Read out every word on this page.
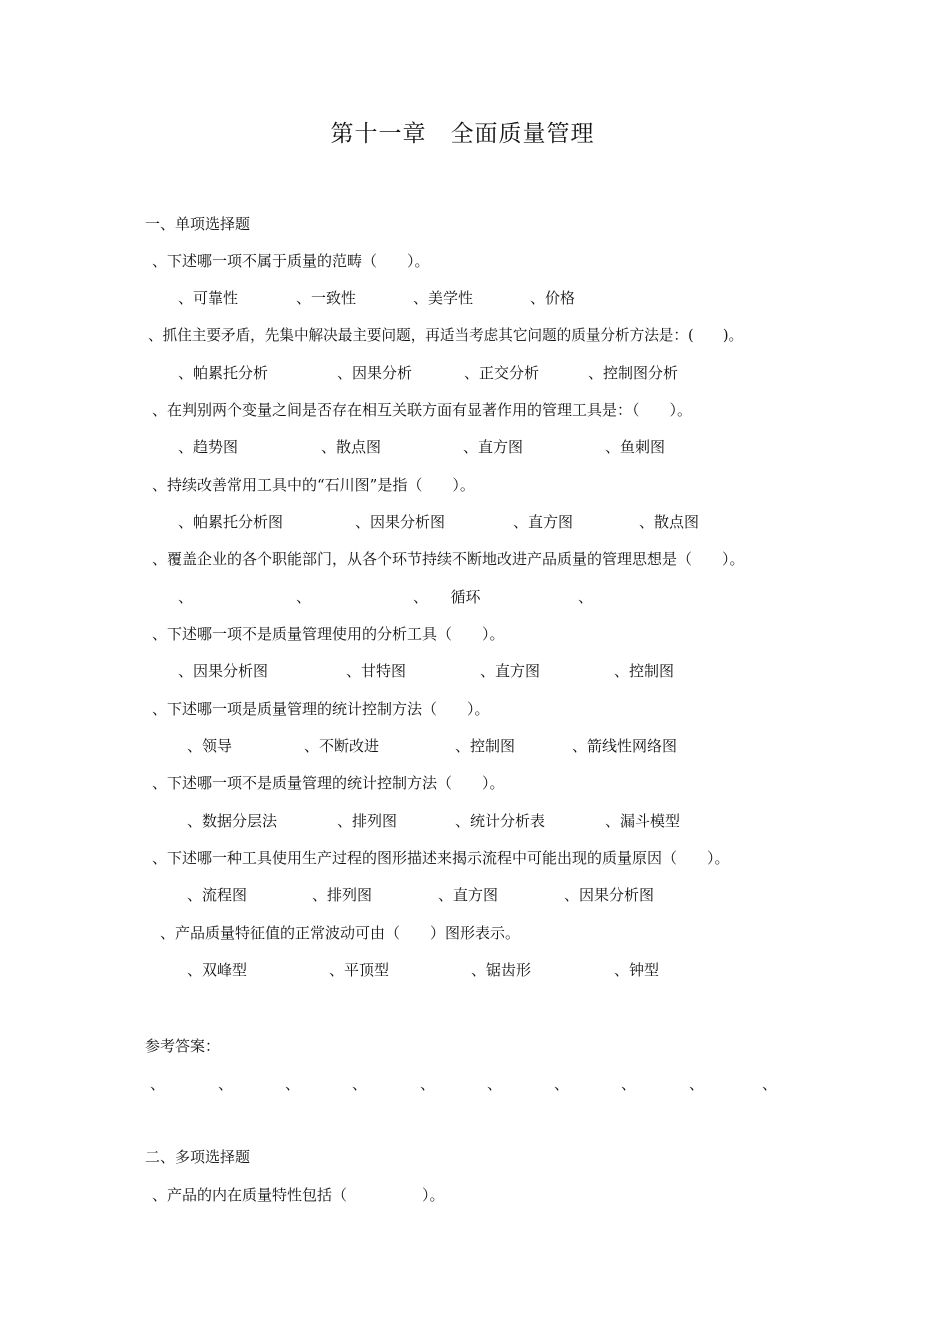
第十一章　全面质量管理
一、单项选择题
、下述哪一项不属于质量的范畴（　　）。
、可靠性	、一致性	、美学性	、价格
、抓住主要矛盾，先集中解决最主要问题，再适当考虑其它问题的质量分析方法是：(　　)。
、帕累托分析	、因果分析	、正交分析	、控制图分析
、在判别两个变量之间是否存在相互关联方面有显著作用的管理工具是：（　　）。
、趋势图	、散点图	、直方图	、鱼刺图
、持续改善常用工具中的“石川图”是指（　　）。
、帕累托分析图	、因果分析图	、直方图	、散点图
、覆盖企业的各个职能部门，从各个环节持续不断地改进产品质量的管理思想是（　　）。
、	、	、　　循环	、
、下述哪一项不是质量管理使用的分析工具（　　）。
、因果分析图	、甘特图	、直方图	、控制图
、下述哪一项是质量管理的统计控制方法（　　）。
、领导	、不断改进	、控制图	、箭线性网络图
、下述哪一项不是质量管理的统计控制方法（　　）。
、数据分层法	、排列图	、统计分析表	、漏斗模型
、下述哪一种工具使用生产过程的图形描述来揭示流程中可能出现的质量原因（　　）。
、流程图	、排列图	、直方图	、因果分析图
、产品质量特征值的正常波动可由（　　）图形表示。
、双峰型	、平顶型	、锯齿形	、钟型
参考答案：
、	、	、	、	、	、	、	、	、	、
二、多项选择题
、产品的内在质量特性包括（　　　　　）。
